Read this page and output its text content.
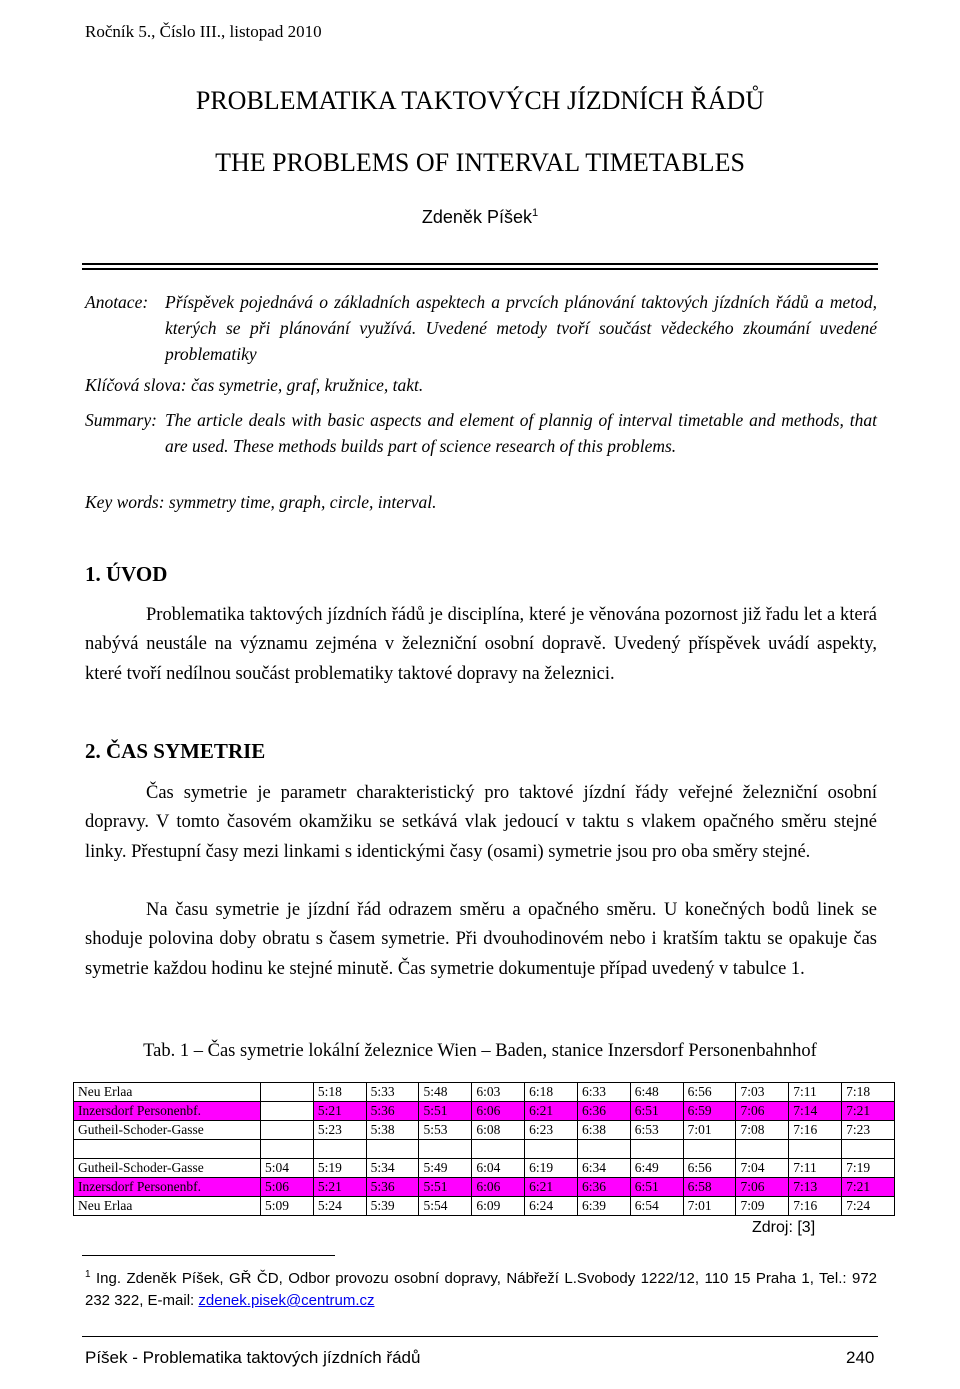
Ročník 5., Číslo III., listopad 2010
PROBLEMATIKA TAKTOVÝCH JÍZDNÍCH ŘÁDŮ
THE PROBLEMS OF INTERVAL TIMETABLES
Zdeněk Píšek$^1$
Anotace: Příspěvek pojednává o základních aspektech a prvcích plánování taktových jízdních řádů a metod, kterých se při plánování využívá. Uvedené metody tvoří součást vědeckého zkoumání uvedené problematiky
Klíčová slova: čas symetrie, graf, kružnice, takt.
Summary: The article deals with basic aspects and element of plannig of interval timetable and methods, that are used. These methods builds part of science research of this problems.
Key words: symmetry time, graph, circle, interval.
1. ÚVOD
Problematika taktových jízdních řádů je disciplína, které je věnována pozornost již řadu let a která nabývá neustále na významu zejména v železniční osobní dopravě. Uvedený příspěvek uvádí aspekty, které tvoří nedílnou součást problematiky taktové dopravy na železnici.
2. ČAS SYMETRIE
Čas symetrie je parametr charakteristický pro taktové jízdní řády veřejné železniční osobní dopravy. V tomto časovém okamžiku se setkává vlak jedoucí v taktu s vlakem opačného směru stejné linky. Přestupní časy mezi linkami s identickými časy (osami) symetrie jsou pro oba směry stejné.
Na času symetrie je jízdní řád odrazem směru a opačného směru. U konečných bodů linek se shoduje polovina doby obratu s časem symetrie. Při dvouhodinovém nebo i kratším taktu se opakuje čas symetrie každou hodinu ke stejné minutě. Čas symetrie dokumentuje případ uvedený v tabulce 1.
Tab. 1 – Čas symetrie lokální železnice Wien – Baden, stanice Inzersdorf Personenbahnhof
Neu Erlaa		5:18	5:33	5:48	6:03	6:18	6:33	6:48	6:56	7:03	7:11	7:18
Inzersdorf Personenbf.		5:21	5:36	5:51	6:06	6:21	6:36	6:51	6:59	7:06	7:14	7:21
Gutheil-Schoder-Gasse		5:23	5:38	5:53	6:08	6:23	6:38	6:53	7:01	7:08	7:16	7:23

Gutheil-Schoder-Gasse	5:04	5:19	5:34	5:49	6:04	6:19	6:34	6:49	6:56	7:04	7:11	7:19
Inzersdorf Personenbf.	5:06	5:21	5:36	5:51	6:06	6:21	6:36	6:51	6:58	7:06	7:13	7:21
Neu Erlaa	5:09	5:24	5:39	5:54	6:09	6:24	6:39	6:54	7:01	7:09	7:16	7:24
Zdroj: [3]
$^1$ Ing. Zdeněk Píšek, GŘ ČD, Odbor provozu osobní dopravy, Nábřeží L.Svobody 1222/12, 110 15 Praha 1, Tel.: 972 232 322, E-mail: zdenek.pisek@centrum.cz
Píšek - Problematika taktových jízdních řádů	240
